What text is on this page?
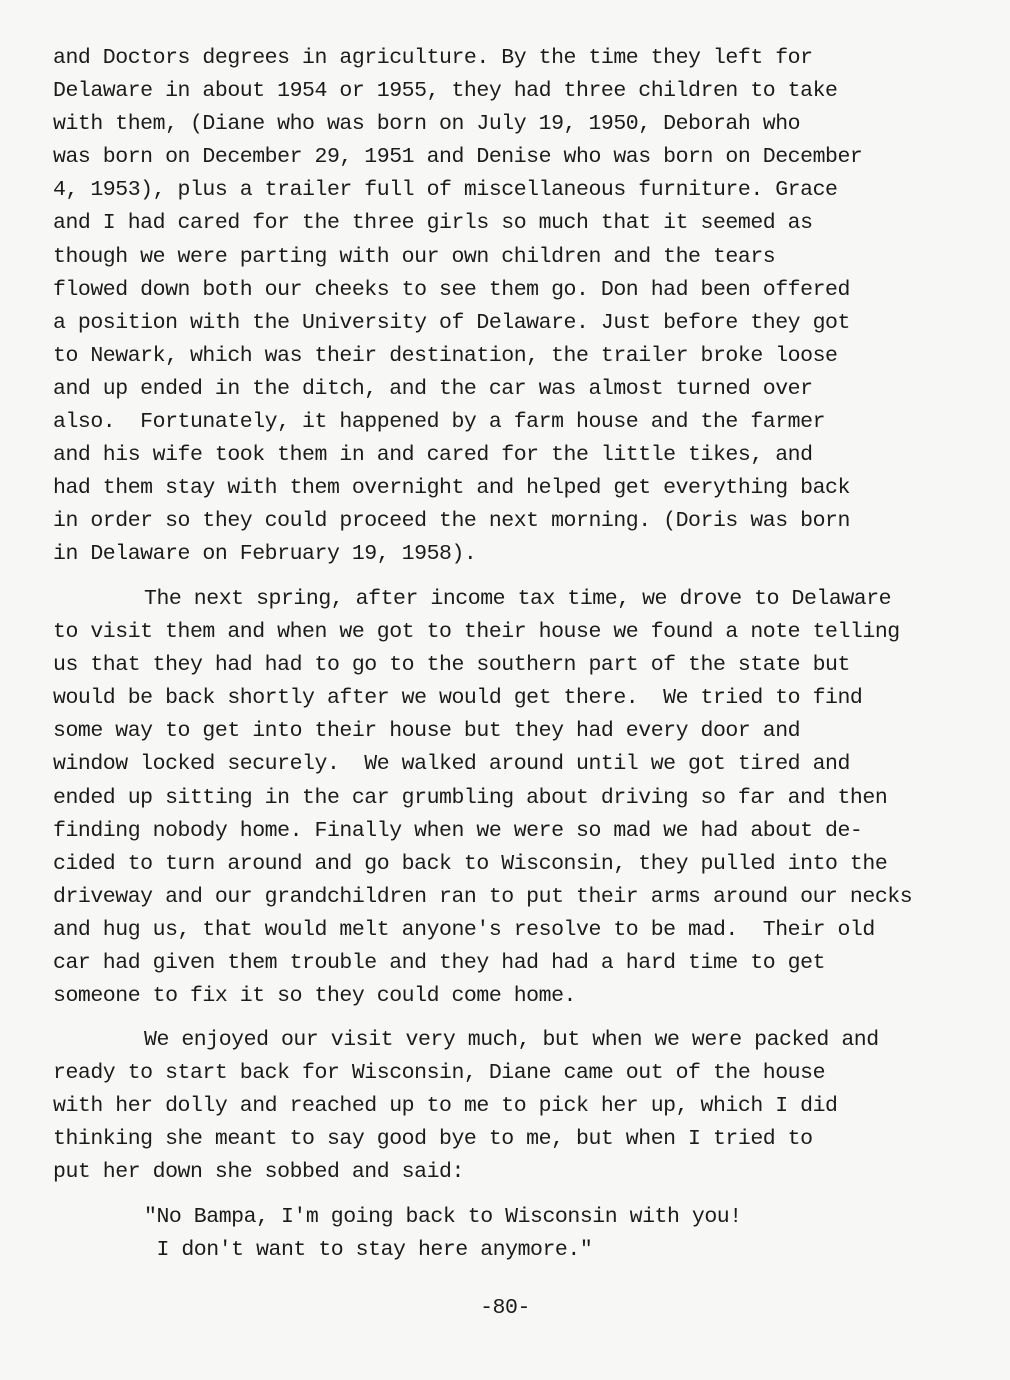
and Doctors degrees in agriculture. By the time they left for
Delaware in about 1954 or 1955, they had three children to take
with them, (Diane who was born on July 19, 1950, Deborah who
was born on December 29, 1951 and Denise who was born on December
4, 1953), plus a trailer full of miscellaneous furniture. Grace
and I had cared for the three girls so much that it seemed as
though we were parting with our own children and the tears
flowed down both our cheeks to see them go. Don had been offered
a position with the University of Delaware. Just before they got
to Newark, which was their destination, the trailer broke loose
and up ended in the ditch, and the car was almost turned over
also.  Fortunately, it happened by a farm house and the farmer
and his wife took them in and cared for the little tikes, and
had them stay with them overnight and helped get everything back
in order so they could proceed the next morning. (Doris was born
in Delaware on February 19, 1958).
The next spring, after income tax time, we drove to Delaware
to visit them and when we got to their house we found a note telling
us that they had had to go to the southern part of the state but
would be back shortly after we would get there.  We tried to find
some way to get into their house but they had every door and
window locked securely.  We walked around until we got tired and
ended up sitting in the car grumbling about driving so far and then
finding nobody home. Finally when we were so mad we had about de-
cided to turn around and go back to Wisconsin, they pulled into the
driveway and our grandchildren ran to put their arms around our necks
and hug us, that would melt anyone's resolve to be mad.  Their old
car had given them trouble and they had had a hard time to get
someone to fix it so they could come home.
We enjoyed our visit very much, but when we were packed and
ready to start back for Wisconsin, Diane came out of the house
with her dolly and reached up to me to pick her up, which I did
thinking she meant to say good bye to me, but when I tried to
put her down she sobbed and said:
"No Bampa, I'm going back to Wisconsin with you!
I don't want to stay here anymore."
-80-
